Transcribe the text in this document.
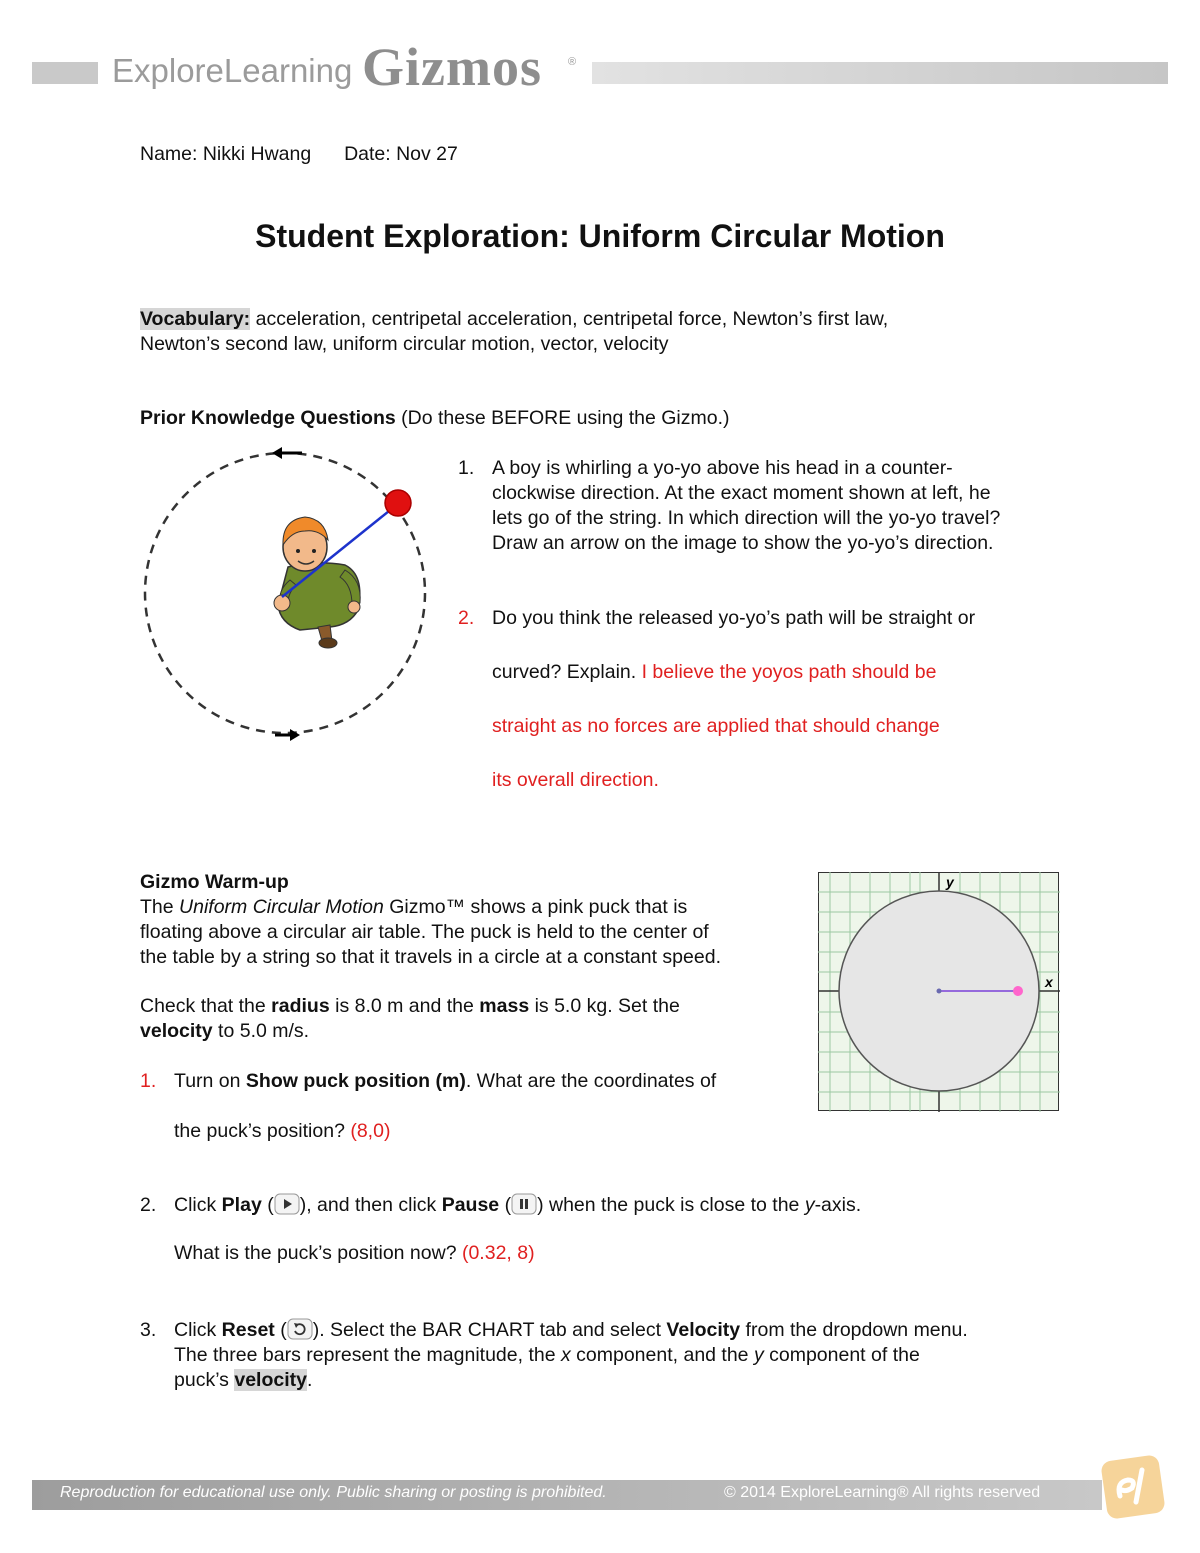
ExploreLearning Gizmos ®
Name: Nikki Hwang Date: Nov 27
Student Exploration: Uniform Circular Motion
Vocabulary: acceleration, centripetal acceleration, centripetal force, Newton’s first law,
Newton’s second law, uniform circular motion, vector, velocity
Prior Knowledge Questions (Do these BEFORE using the Gizmo.)
1. A boy is whirling a yo-yo above his head in a counter-
clockwise direction. At the exact moment shown at left, he
lets go of the string. In which direction will the yo-yo travel?
Draw an arrow on the image to show the yo-yo’s direction.
2. Do you think the released yo-yo’s path will be straight or
curved? Explain. I believe the yoyos path should be
straight as no forces are applied that should change
its overall direction.
Gizmo Warm-up
The Uniform Circular Motion Gizmo™ shows a pink puck that is
floating above a circular air table. The puck is held to the center of
the table by a string so that it travels in a circle at a constant speed.
Check that the radius is 8.0 m and the mass is 5.0 kg. Set the
velocity to 5.0 m/s.
1. Turn on Show puck position (m). What are the coordinates of
the puck’s position? (8,0)
2. Click Play ( ), and then click Pause ( ) when the puck is close to the y-axis.
What is the puck’s position now? (0.32, 8)
3. Click Reset ( ). Select the BAR CHART tab and select Velocity from the dropdown menu.
The three bars represent the magnitude, the x component, and the y component of the
puck’s velocity.
y
x
Reproduction for educational use only. Public sharing or posting is prohibited.	© 2014 ExploreLearning® All rights reserved
